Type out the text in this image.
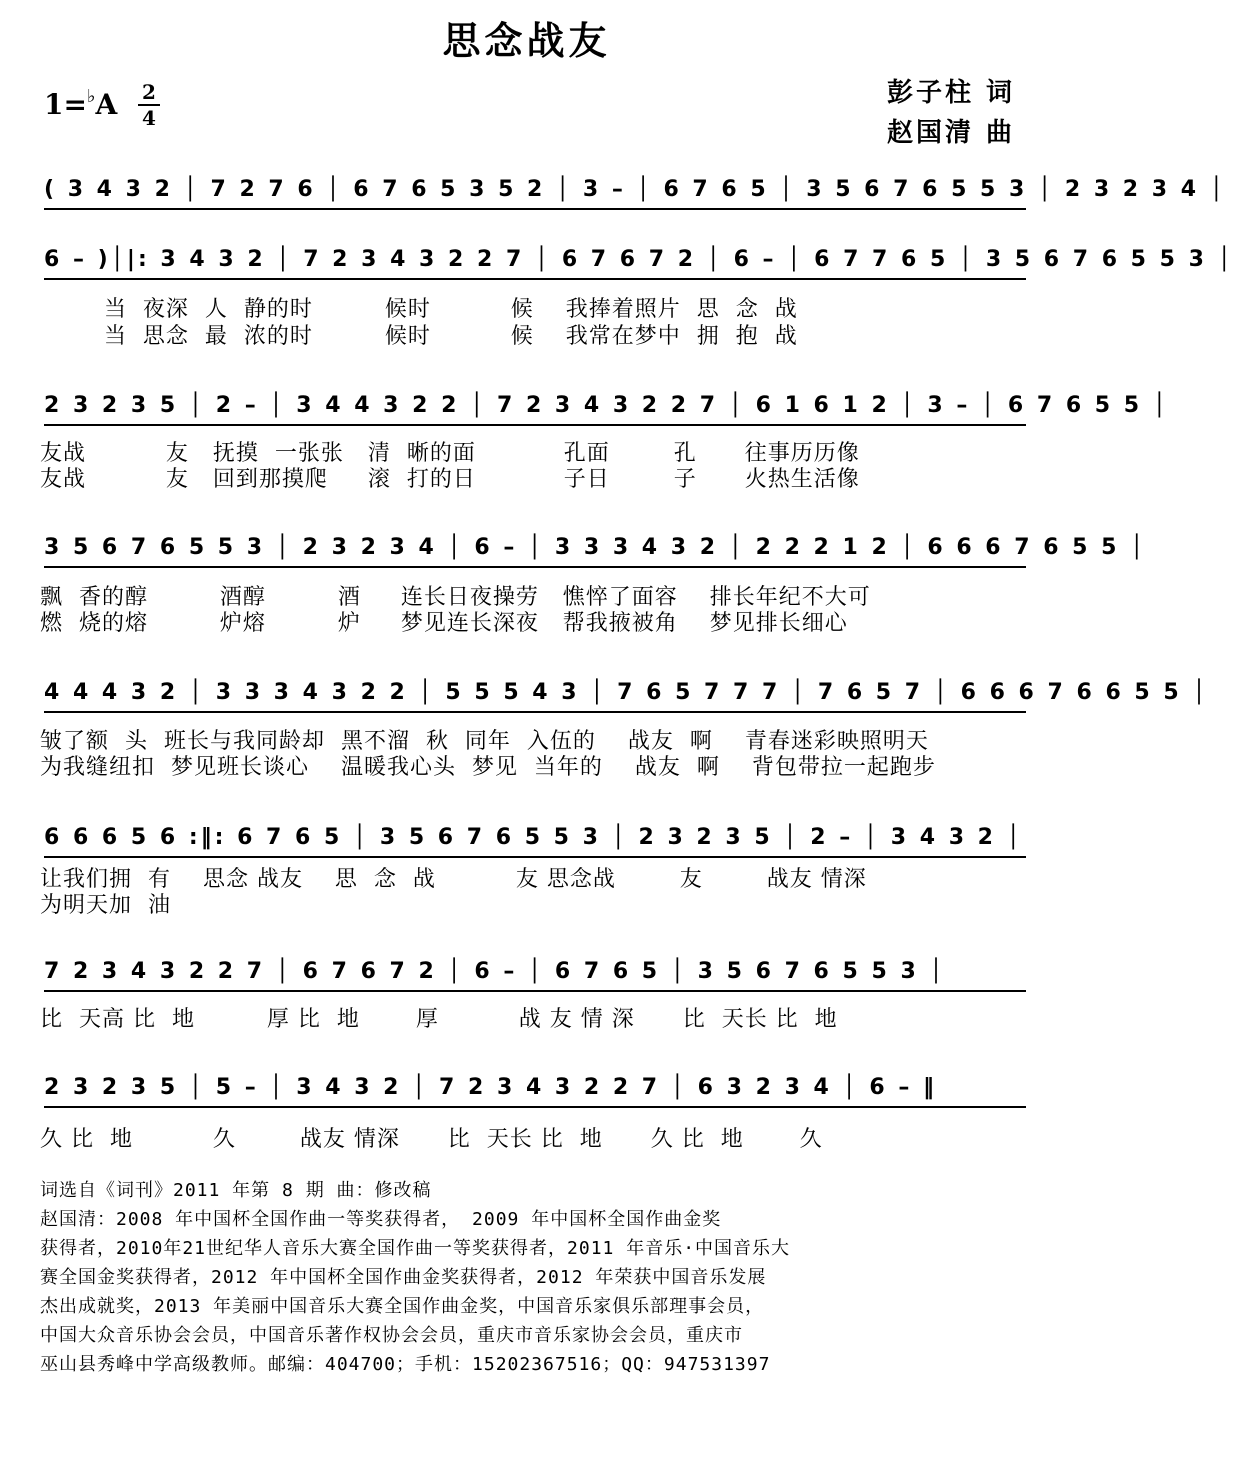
思念战友
1=♭A 2
4
彭子柱 词
赵国清 曲
( 3 4 3 2 │ 7 2 7 6 │ 6 7 6 5 3 5 2 │ 3 – │ 6 7 6 5 │ 3 5 6 7 6 5 5 3 │ 2 3 2 3 4 │
6 – )│|: 3 4 3 2 │ 7 2 3 4 3 2 2 7 │ 6 7 6 7 2 │ 6 – │ 6 7 7 6 5 │ 3 5 6 7 6 5 5 3 │
当  夜深  人  静的时         候时          候    我捧着照片  思  念  战
当  思念  最  浓的时         候时          候    我常在梦中  拥  抱  战
2 3 2 3 5 │ 2 – │ 3 4 4 3 2 2 │ 7 2 3 4 3 2 2 7 │ 6 1 6 1 2 │ 3 – │ 6 7 6 5 5 │
友战          友   抚摸  一张张   清  晰的面           孔面        孔      往事历历像
友战          友   回到那摸爬     滚  打的日           子日        子      火热生活像
3 5 6 7 6 5 5 3 │ 2 3 2 3 4 │ 6 – │ 3 3 3 4 3 2 │ 2 2 2 1 2 │ 6 6 6 7 6 5 5 │
飘  香的醇         酒醇         酒     连长日夜操劳   憔悴了面容    排长年纪不大可
燃  烧的熔         炉熔         炉     梦见连长深夜   帮我掖被角    梦见排长细心
4 4 4 3 2 │ 3 3 3 4 3 2 2 │ 5 5 5 4 3 │ 7 6 5 7 7 7 │ 7 6 5 7 │ 6 6 6 7 6 6 5 5 │
皱了额  头  班长与我同龄却  黑不溜  秋  同年  入伍的    战友  啊    青春迷彩映照明天
为我缝纽扣  梦见班长谈心    温暖我心头  梦见  当年的    战友  啊    背包带拉一起跑步
6 6 6 5 6 :‖: 6 7 6 5 │ 3 5 6 7 6 5 5 3 │ 2 3 2 3 5 │ 2 – │ 3 4 3 2 │
让我们拥  有    思念 战友    思  念  战          友 思念战        友        战友 情深
为明天加  油
7 2 3 4 3 2 2 7 │ 6 7 6 7 2 │ 6 – │ 6 7 6 5 │ 3 5 6 7 6 5 5 3 │
比  天高 比  地         厚 比  地       厚          战 友 情 深      比  天长 比  地
2 3 2 3 5 │ 5 – │ 3 4 3 2 │ 7 2 3 4 3 2 2 7 │ 6 3 2 3 4 │ 6 – ‖
久 比  地          久        战友 情深      比  天长 比  地      久 比  地       久

词选自《词刊》2011 年第 8 期 曲：修改稿

赵国清：2008 年中国杯全国作曲一等奖获得者， 2009 年中国杯全国作曲金奖

获得者，2010年21世纪华人音乐大赛全国作曲一等奖获得者，2011 年音乐·中国音乐大

赛全国金奖获得者，2012 年中国杯全国作曲金奖获得者，2012 年荣获中国音乐发展

杰出成就奖，2013 年美丽中国音乐大赛全国作曲金奖，中国音乐家俱乐部理事会员，

中国大众音乐协会会员，中国音乐著作权协会会员，重庆市音乐家协会会员，重庆市

巫山县秀峰中学高级教师。邮编：404700；手机：15202367516；QQ：947531397
